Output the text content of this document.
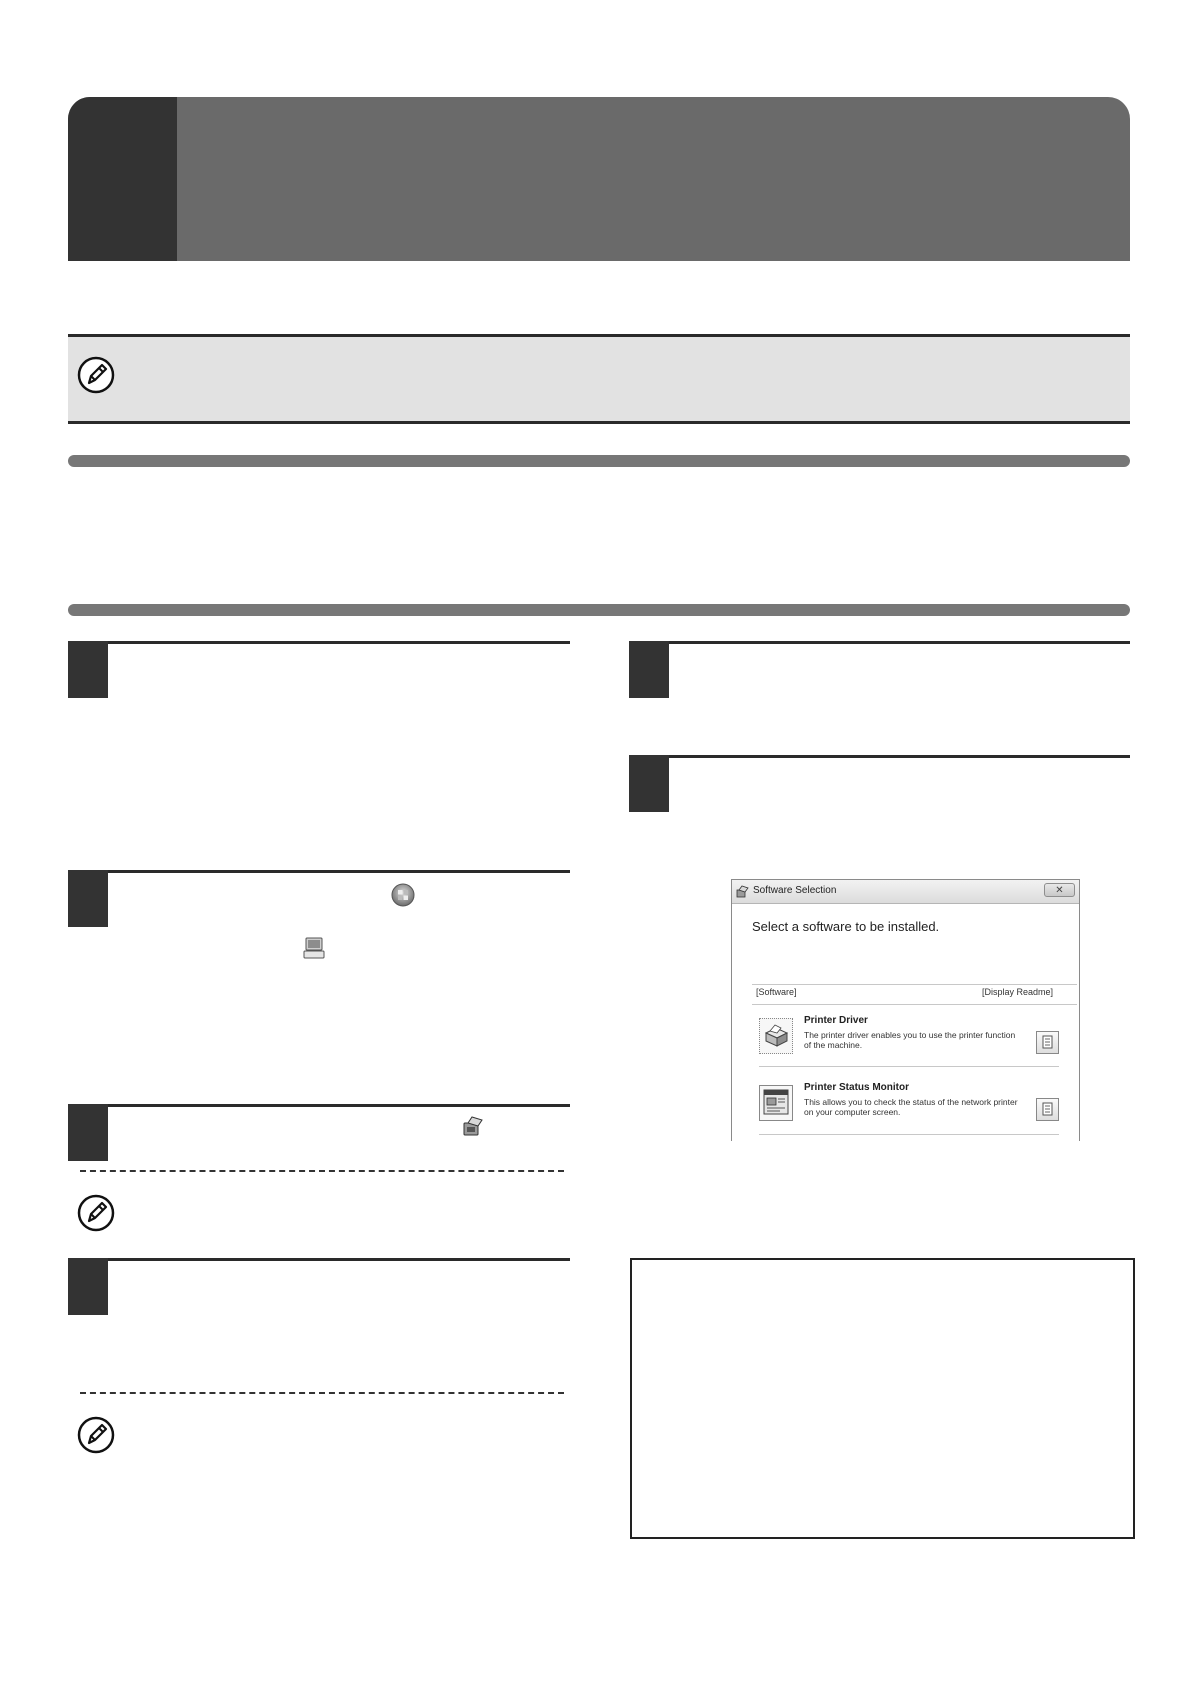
Software Selection	✕
Select a software to be installed.
[Software]	[Display Readme]
Printer Driver
The printer driver enables you to use the printer function of the machine.
Printer Status Monitor
This allows you to check the status of the network printer on your computer screen.
